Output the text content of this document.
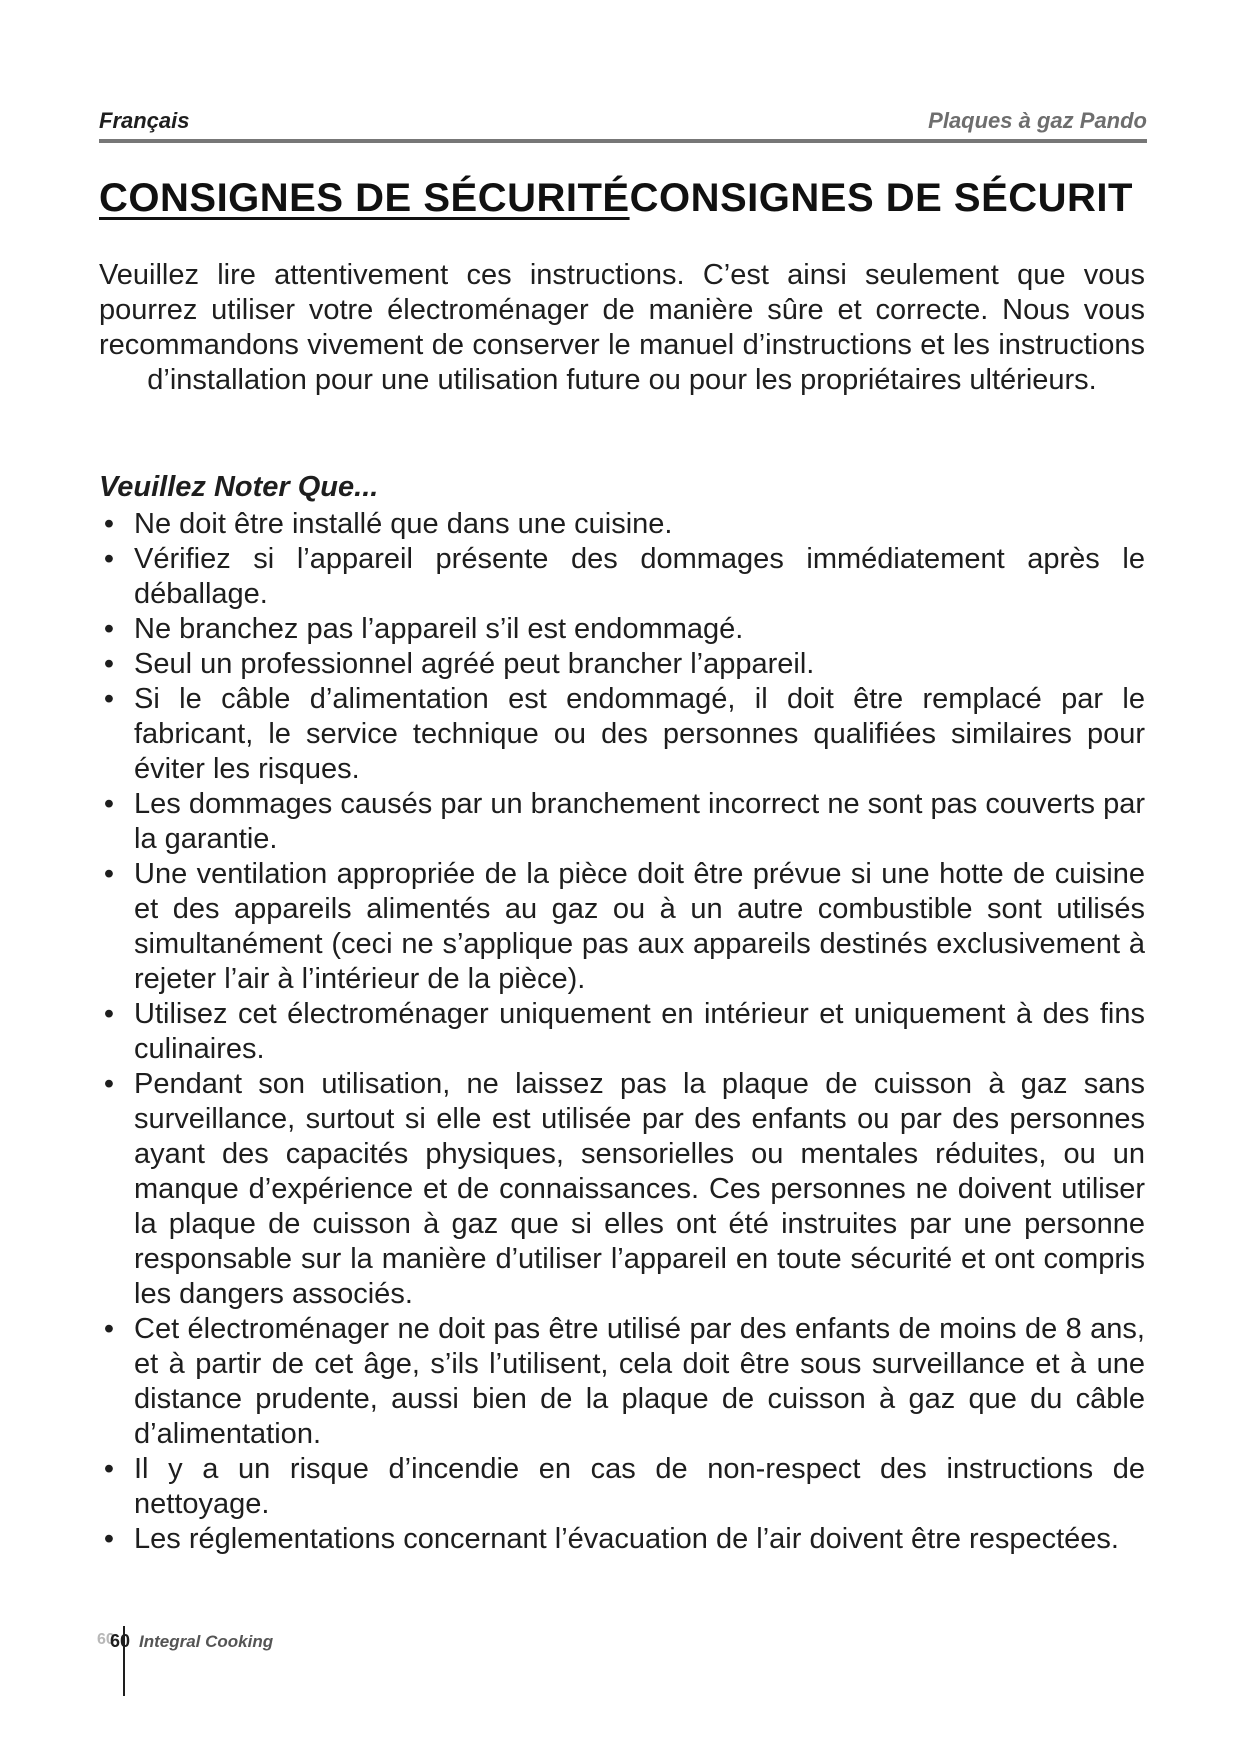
Français	Plaques à gaz Pando
CONSIGNES DE SÉCURITÉCONSIGNES DE SÉCURIT

Veuillez lire attentivement ces instructions. C’est ainsi seulement que vous pourrez utiliser votre électroménager de manière sûre et correcte. Nous vous recommandons vivement de conserver le manuel d’instructions et les instructions d’installation pour une utilisation future ou pour les propriétaires ultérieurs.

Veuillez Noter Que...
• Ne doit être installé que dans une cuisine.
• Vérifiez si l’appareil présente des dommages immédiatement après le déballage.
• Ne branchez pas l’appareil s’il est endommagé.
• Seul un professionnel agréé peut brancher l’appareil.
• Si le câble d’alimentation est endommagé, il doit être remplacé par le fabricant, le service technique ou des personnes qualifiées similaires pour éviter les risques.
• Les dommages causés par un branchement incorrect ne sont pas couverts par la garantie.
• Une ventilation appropriée de la pièce doit être prévue si une hotte de cuisine et des appareils alimentés au gaz ou à un autre combustible sont utilisés simultanément (ceci ne s’applique pas aux appareils destinés exclusivement à rejeter l’air à l’intérieur de la pièce).
• Utilisez cet électroménager uniquement en intérieur et uniquement à des fins culinaires.
• Pendant son utilisation, ne laissez pas la plaque de cuisson à gaz sans surveillance, surtout si elle est utilisée par des enfants ou par des personnes ayant des capacités physiques, sensorielles ou mentales réduites, ou un manque d’expérience et de connaissances. Ces personnes ne doivent utiliser la plaque de cuisson à gaz que si elles ont été instruites par une personne responsable sur la manière d’utiliser l’appareil en toute sécurité et ont compris les dangers associés.
• Cet électroménager ne doit pas être utilisé par des enfants de moins de 8 ans, et à partir de cet âge, s’ils l’utilisent, cela doit être sous surveillance et à une distance prudente, aussi bien de la plaque de cuisson à gaz que du câble d’alimentation.
• Il y a un risque d’incendie en cas de non-respect des instructions de nettoyage.
• Les réglementations concernant l’évacuation de l’air doivent être respectées.
60
60 Integral Cooking
